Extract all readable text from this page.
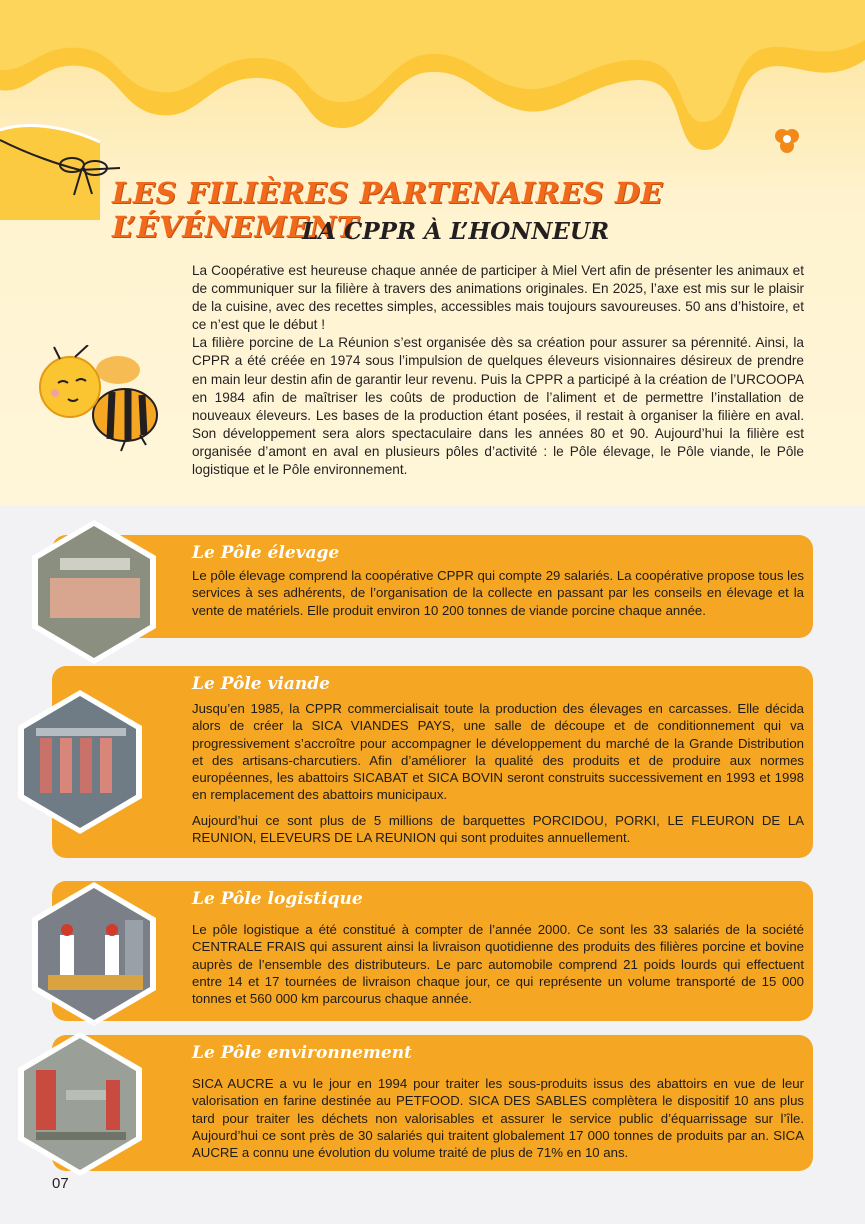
LES FILIÈRES PARTENAIRES DE L’ÉVÉNEMENT
LA CPPR À L’HONNEUR

La Coopérative est heureuse chaque année de participer à Miel Vert afin de présenter les animaux et de communiquer sur la filière à travers des animations originales. En 2025, l’axe est mis sur le plaisir de la cuisine, avec des recettes simples, accessibles mais toujours savoureuses. 50 ans d’histoire, et ce n’est que le début !

La filière porcine de La Réunion s’est organisée dès sa création pour assurer sa pérennité. Ainsi, la CPPR a été créée en 1974 sous l’impulsion de quelques éleveurs visionnaires désireux de prendre en main leur destin afin de garantir leur revenu. Puis la CPPR a participé à la création de l’URCOOPA en 1984 afin de maîtriser les coûts de production de l’aliment et de permettre l’installation de nouveaux éleveurs. Les bases de la production étant posées, il restait à organiser la filière en aval. Son développement sera alors spectaculaire dans les années 80 et 90. Aujourd’hui la filière est organisée d’amont en aval en plusieurs pôles d’activité : le Pôle élevage, le Pôle viande, le Pôle logistique et le Pôle environnement.

Le Pôle élevage

Le pôle élevage comprend la coopérative CPPR qui compte 29 salariés. La coopérative propose tous les services à ses adhérents, de l’organisation de la collecte en passant par les conseils en élevage et la vente de matériels. Elle produit environ 10 200 tonnes de viande porcine chaque année.

Le Pôle viande

Jusqu’en 1985, la CPPR commercialisait toute la production des élevages en carcasses. Elle décida alors de créer la SICA VIANDES PAYS, une salle de découpe et de conditionnement qui va progressivement s’accroître pour accompagner le développement du marché de la Grande Distribution et des artisans-charcutiers. Afin d’améliorer la qualité des produits et de produire aux normes européennes, les abattoirs SICABAT et SICA BOVIN seront construits successivement en 1993 et 1998 en remplacement des abattoirs municipaux.

Aujourd’hui ce sont plus de 5 millions de barquettes PORCIDOU, PORKI, LE FLEURON DE LA REUNION, ELEVEURS DE LA REUNION qui sont produites annuellement.

Le Pôle logistique

Le pôle logistique a été constitué à compter de l’année 2000. Ce sont les 33 salariés de la société CENTRALE FRAIS qui assurent ainsi la livraison quotidienne des produits des filières porcine et bovine auprès de l’ensemble des distributeurs. Le parc automobile comprend 21 poids lourds qui effectuent entre 14 et 17 tournées de livraison chaque jour, ce qui représente un volume transporté de 15 000 tonnes et 560 000 km parcourus chaque année.

Le Pôle environnement

SICA AUCRE a vu le jour en 1994 pour traiter les sous-produits issus des abattoirs en vue de leur valorisation en farine destinée au PETFOOD. SICA DES SABLES complètera le dispositif 10 ans plus tard pour traiter les déchets non valorisables et assurer le service public d’équarrissage sur l’île. Aujourd’hui ce sont près de 30 salariés qui traitent globalement 17 000 tonnes de produits par an. SICA AUCRE a connu une évolution du volume traité de plus de 71% en 10 ans.

07
